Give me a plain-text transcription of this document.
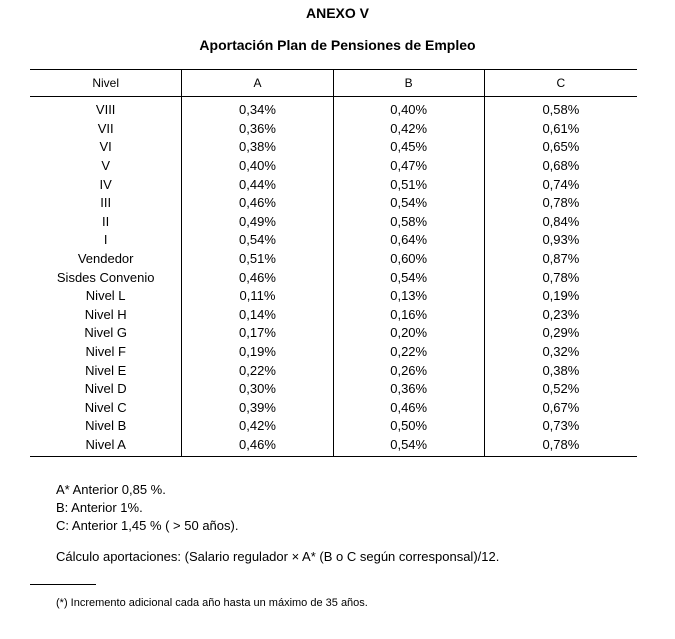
ANEXO V
Aportación Plan de Pensiones de Empleo
Nivel	A	B	C
VIII	0,34%	0,40%	0,58%
VII	0,36%	0,42%	0,61%
VI	0,38%	0,45%	0,65%
V	0,40%	0,47%	0,68%
IV	0,44%	0,51%	0,74%
III	0,46%	0,54%	0,78%
II	0,49%	0,58%	0,84%
I	0,54%	0,64%	0,93%
Vendedor	0,51%	0,60%	0,87%
Sisdes Convenio	0,46%	0,54%	0,78%
Nivel L	0,11%	0,13%	0,19%
Nivel H	0,14%	0,16%	0,23%
Nivel G	0,17%	0,20%	0,29%
Nivel F	0,19%	0,22%	0,32%
Nivel E	0,22%	0,26%	0,38%
Nivel D	0,30%	0,36%	0,52%
Nivel C	0,39%	0,46%	0,67%
Nivel B	0,42%	0,50%	0,73%
Nivel A	0,46%	0,54%	0,78%
A* Anterior 0,85 %.
B: Anterior 1%.
C: Anterior 1,45 % ( > 50 años).
Cálculo aportaciones: (Salario regulador × A* (B o C según corresponsal)/12.
(*) Incremento adicional cada año hasta un máximo de 35 años.
